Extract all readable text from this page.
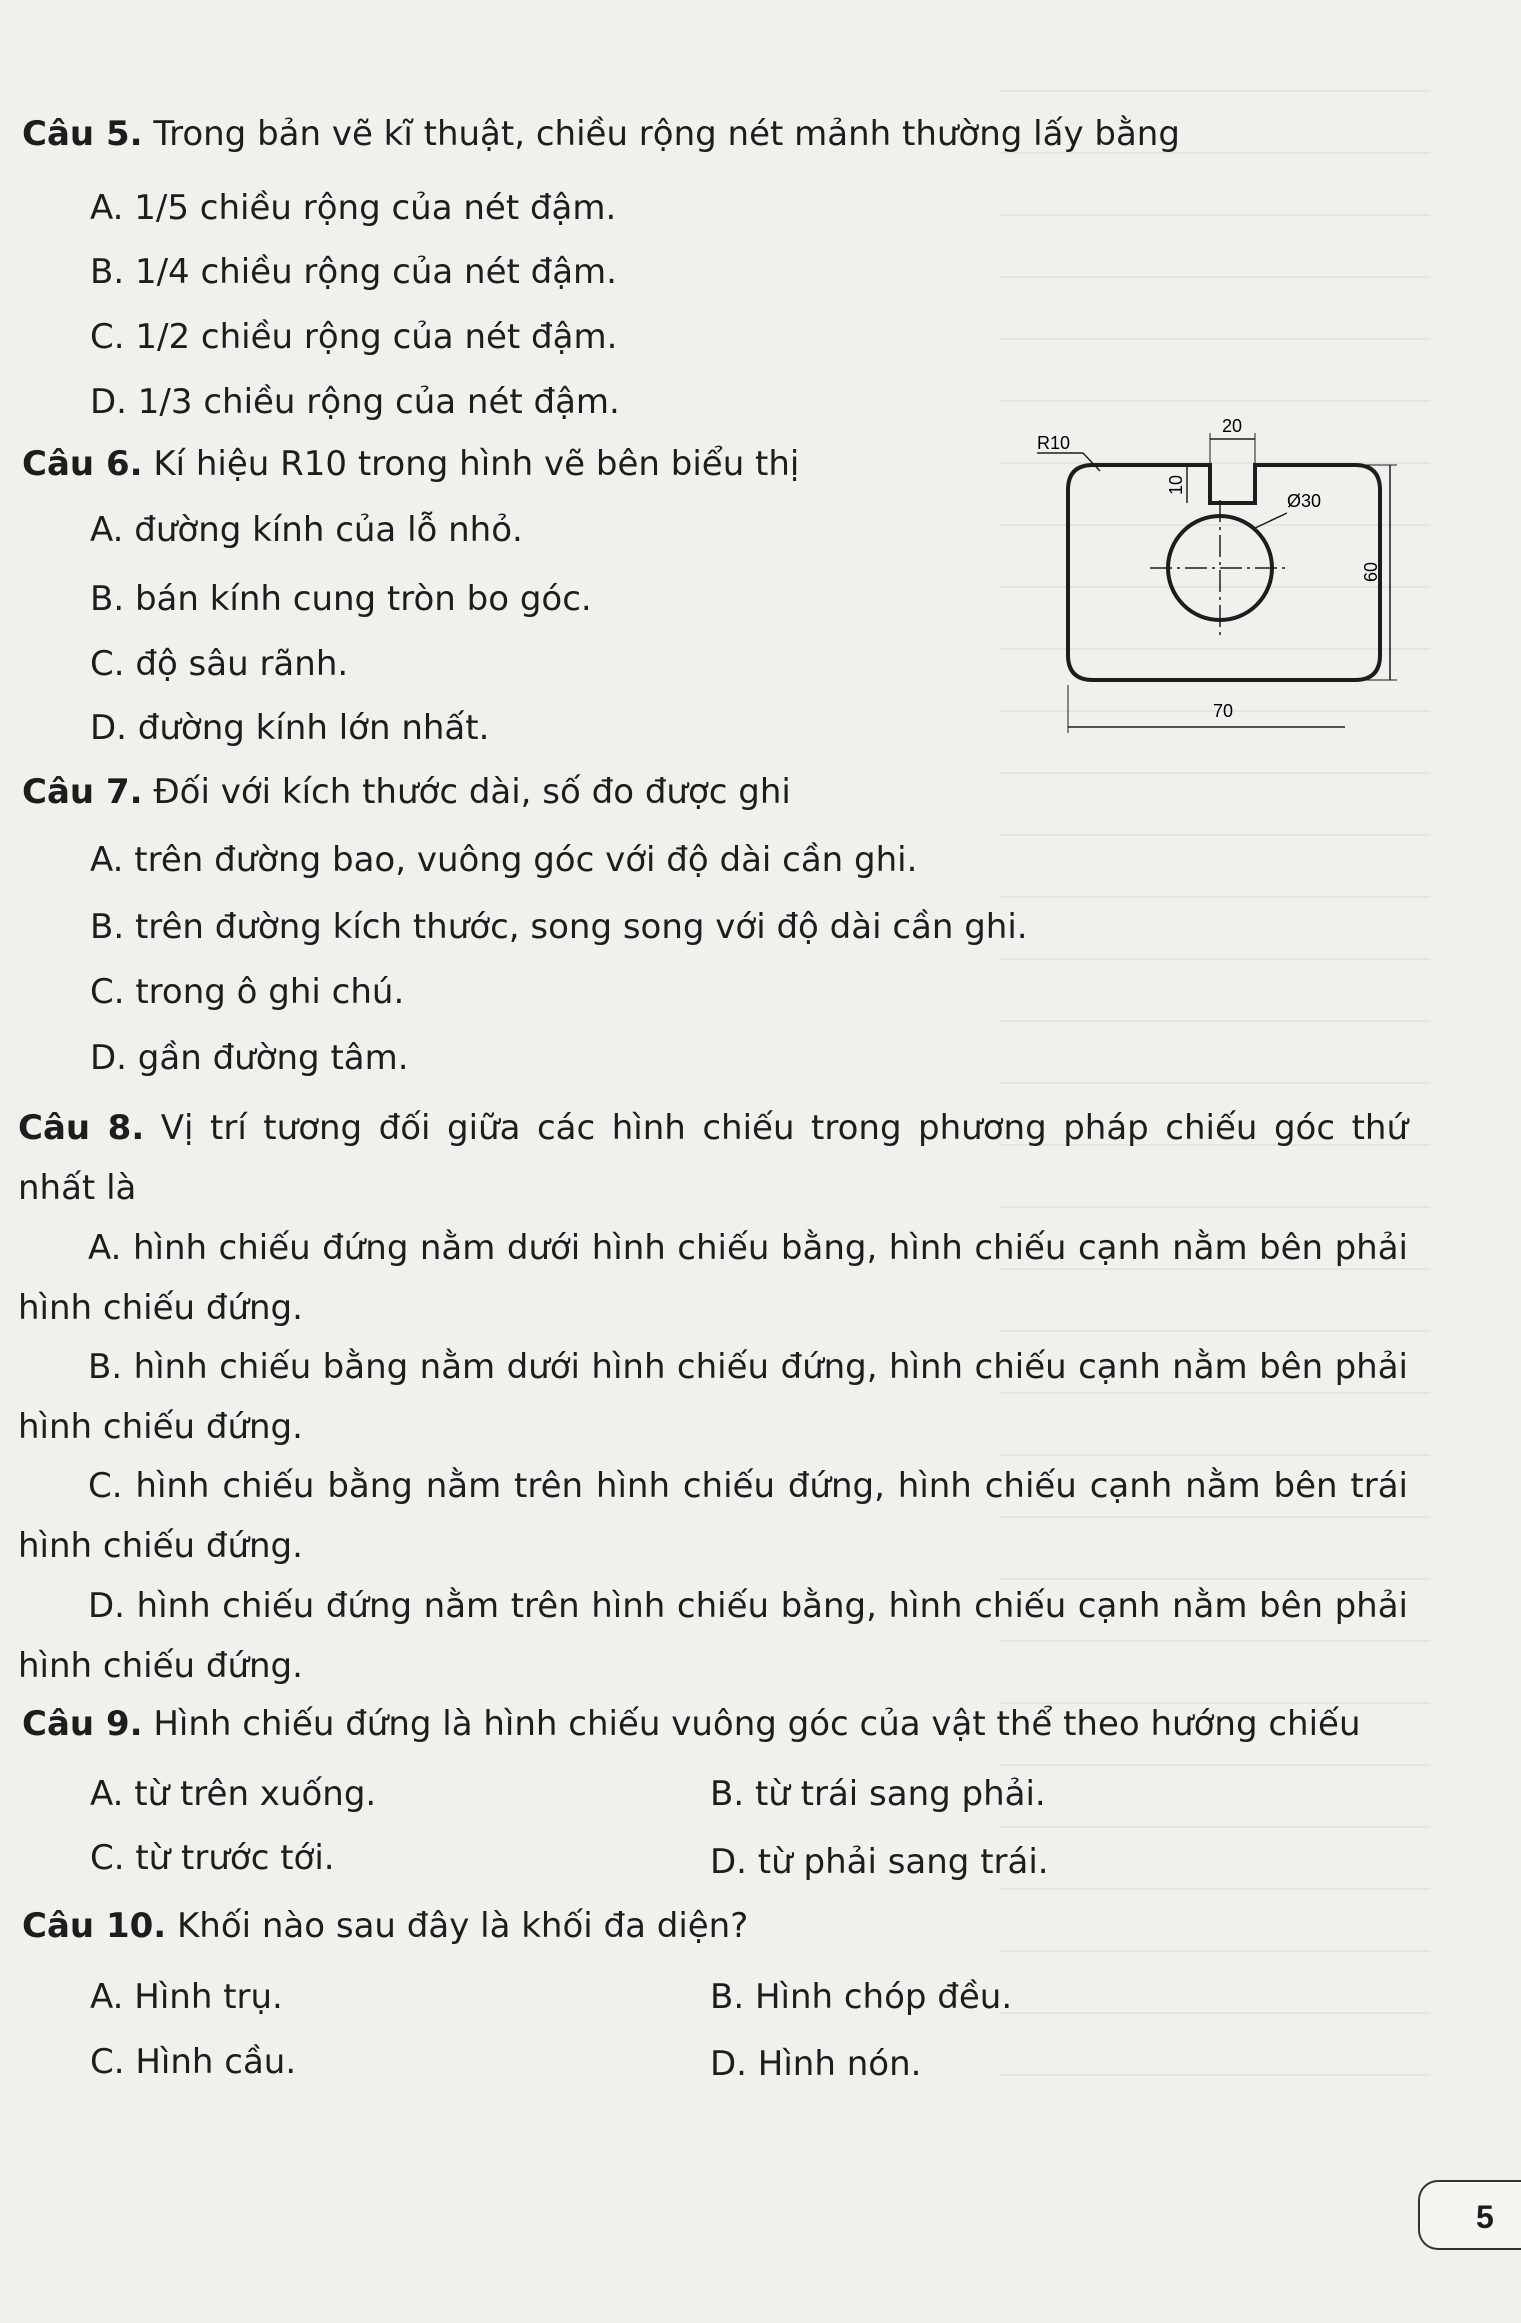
Câu 5. Trong bản vẽ kĩ thuật, chiều rộng nét mảnh thường lấy bằng
A. 1/5 chiều rộng của nét đậm.
B. 1/4 chiều rộng của nét đậm.
C. 1/2 chiều rộng của nét đậm.
D. 1/3 chiều rộng của nét đậm.
Câu 6. Kí hiệu R10 trong hình vẽ bên biểu thị
A. đường kính của lỗ nhỏ.
B. bán kính cung tròn bo góc.
C. độ sâu rãnh.
D. đường kính lớn nhất.
R10
20
10
Ø30
60
70
Câu 7. Đối với kích thước dài, số đo được ghi
A. trên đường bao, vuông góc với độ dài cần ghi.
B. trên đường kích thước, song song với độ dài cần ghi.
C. trong ô ghi chú.
D. gần đường tâm.
Câu 8. Vị trí tương đối giữa các hình chiếu trong phương pháp chiếu góc thứ nhất là
A. hình chiếu đứng nằm dưới hình chiếu bằng, hình chiếu cạnh nằm bên phải hình chiếu đứng.
B. hình chiếu bằng nằm dưới hình chiếu đứng, hình chiếu cạnh nằm bên phải hình chiếu đứng.
C. hình chiếu bằng nằm trên hình chiếu đứng, hình chiếu cạnh nằm bên trái hình chiếu đứng.
D. hình chiếu đứng nằm trên hình chiếu bằng, hình chiếu cạnh nằm bên phải hình chiếu đứng.
Câu 9. Hình chiếu đứng là hình chiếu vuông góc của vật thể theo hướng chiếu
A. từ trên xuống.	B. từ trái sang phải.
C. từ trước tới.	D. từ phải sang trái.
Câu 10. Khối nào sau đây là khối đa diện?
A. Hình trụ.	B. Hình chóp đều.
C. Hình cầu.	D. Hình nón.
5
